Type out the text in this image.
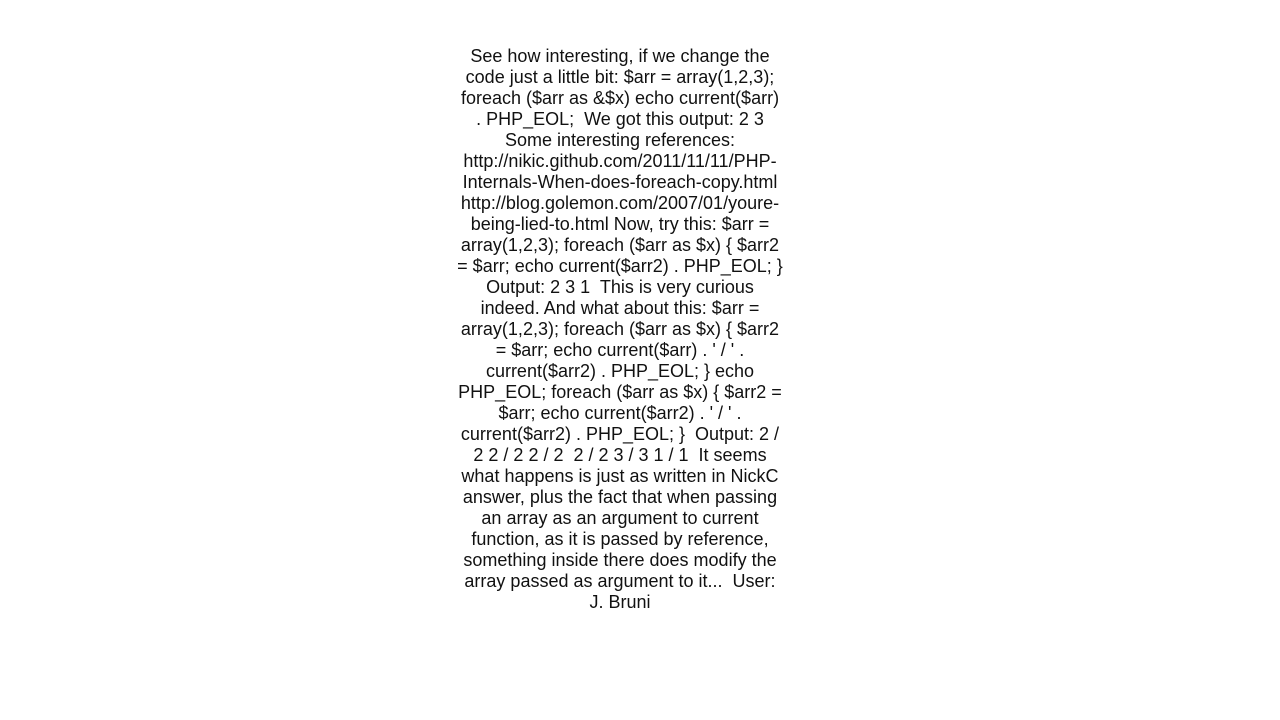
See how interesting, if we change the code just a little bit: $arr = array(1,2,3); foreach ($arr as &$x) echo current($arr) . PHP_EOL;  We got this output: 2 3  Some interesting references: http://nikic.github.com/2011/11/11/PHP-Internals-When-does-foreach-copy.html http://blog.golemon.com/2007/01/youre-being-lied-to.html Now, try this: $arr = array(1,2,3); foreach ($arr as $x) { $arr2 = $arr; echo current($arr2) . PHP_EOL; }  Output: 2 3 1  This is very curious indeed. And what about this: $arr = array(1,2,3); foreach ($arr as $x) { $arr2 = $arr; echo current($arr) . ' / ' . current($arr2) . PHP_EOL; } echo PHP_EOL; foreach ($arr as $x) { $arr2 = $arr; echo current($arr2) . ' / ' . current($arr2) . PHP_EOL; }  Output: 2 / 2 2 / 2 2 / 2  2 / 2 3 / 3 1 / 1  It seems what happens is just as written in NickC answer, plus the fact that when passing an array as an argument to current function, as it is passed by reference, something inside there does modify the array passed as argument to it...  User: J. Bruni
